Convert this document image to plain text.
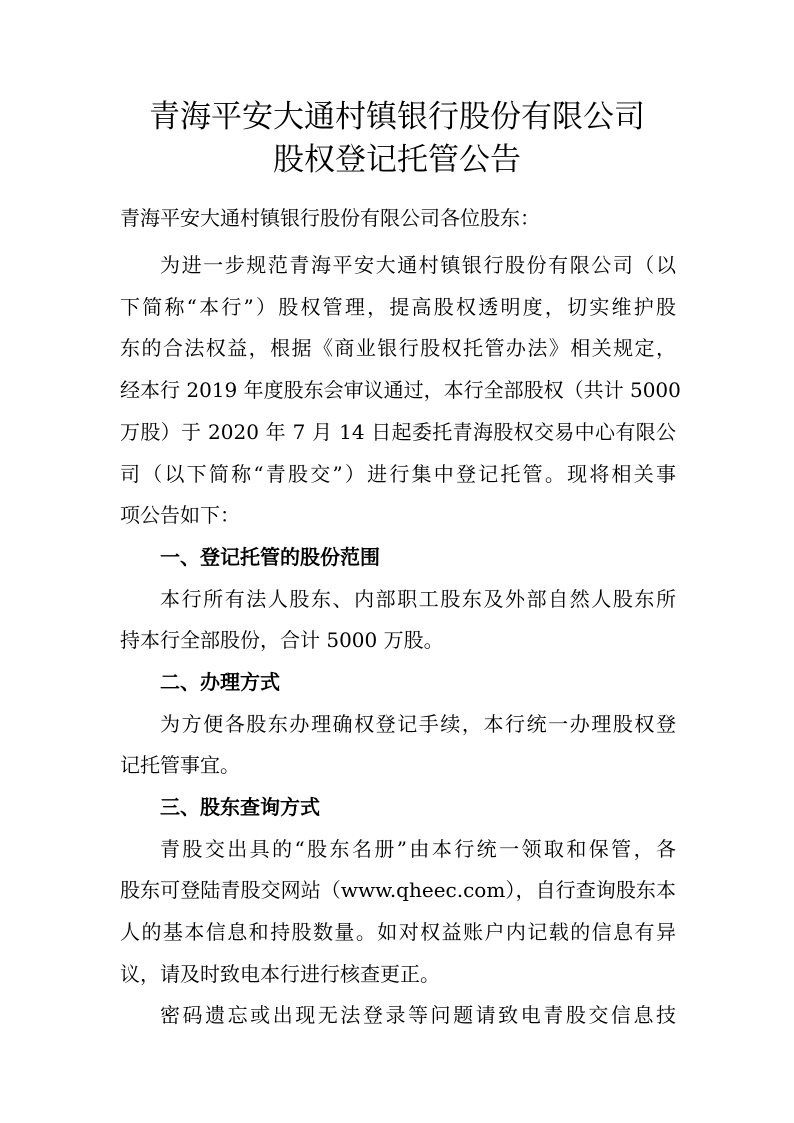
青海平安大通村镇银行股份有限公司
股权登记托管公告
青海平安大通村镇银行股份有限公司各位股东：
为进一步规范青海平安大通村镇银行股份有限公司（以
下简称“本行”）股权管理，提高股权透明度，切实维护股
东的合法权益，根据《商业银行股权托管办法》相关规定，
经本行 2019 年度股东会审议通过，本行全部股权（共计 5000
万股）于 2020 年 7 月 14 日起委托青海股权交易中心有限公
司（以下简称“青股交”）进行集中登记托管。现将相关事
项公告如下：
一、登记托管的股份范围
本行所有法人股东、内部职工股东及外部自然人股东所
持本行全部股份，合计 5000 万股。
二、办理方式
为方便各股东办理确权登记手续，本行统一办理股权登
记托管事宜。
三、股东查询方式
青股交出具的“股东名册”由本行统一领取和保管，各
股东可登陆青股交网站（www.qheec.com），自行查询股东本
人的基本信息和持股数量。如对权益账户内记载的信息有异
议，请及时致电本行进行核查更正。
密码遗忘或出现无法登录等问题请致电青股交信息技
